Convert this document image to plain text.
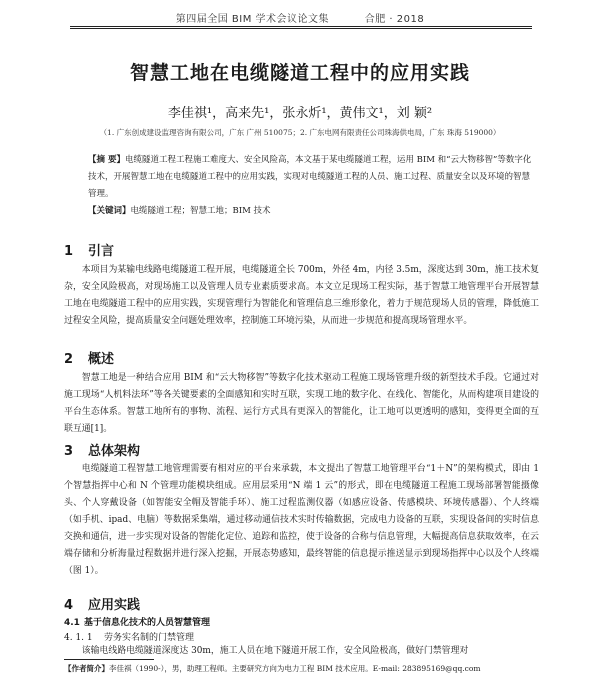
第四届全国 BIM 学术会议论文集	合肥 · 2018
智慧工地在电缆隧道工程中的应用实践
李佳祺¹，高来先¹，张永炘¹，黄伟文¹，刘 颖²
（1. 广东创成建设监理咨询有限公司，广东 广州 510075；2. 广东电网有限责任公司珠海供电局，广东 珠海 519000）
【摘 要】电缆隧道工程工程施工难度大、安全风险高，本文基于某电缆隧道工程，运用 BIM 和“云大物移智”等数字化技术，开展智慧工地在电缆隧道工程中的应用实践，实现对电缆隧道工程的人员、施工过程、质量安全以及环境的智慧管理。
【关键词】电缆隧道工程；智慧工地；BIM 技术
1 引言
本项目为某输电线路电缆隧道工程开展，电缆隧道全长 700m，外径 4m，内径 3.5m，深度达到 30m，施工技术复杂，安全风险极高，对现场施工以及管理人员专业素质要求高。本文立足现场工程实际，基于智慧工地管理平台开展智慧工地在电缆隧道工程中的应用实践，实现管理行为智能化和管理信息三维形象化，着力于规范现场人员的管理，降低施工过程安全风险，提高质量安全问题处理效率，控制施工环境污染，从而进一步规范和提高现场管理水平。
2 概述
智慧工地是一种结合应用 BIM 和“云大物移智”等数字化技术驱动工程施工现场管理升级的新型技术手段。它通过对施工现场“人机料法环”等各关键要素的全面感知和实时互联，实现工地的数字化、在线化、智能化，从而构建项目建设的平台生态体系。智慧工地所有的事物、流程、运行方式具有更深入的智能化，让工地可以更透明的感知，变得更全面的互联互通[1]。
3 总体架构
电缆隧道工程智慧工地管理需要有相对应的平台来承载，本文提出了智慧工地管理平台“1＋N”的架构模式，即由 1 个智慧指挥中心和 N 个管理功能模块组成。应用层采用“N 端 1 云”的形式，即在电缆隧道工程施工现场部署智能摄像头、个人穿戴设备（如智能安全帽及智能手环）、施工过程监测仪器（如感应设备、传感模块、环境传感器）、个人终端（如手机、ipad、电脑）等数据采集端，通过移动通信技术实时传输数据，完成电力设备的互联，实现设备间的实时信息交换和通信，进一步实现对设备的智能化定位、追踪和监控，使于设备的合称与信息管理，大幅提高信息获取效率，在云端存储和分析海量过程数据并进行深入挖掘，开展态势感知，最终智能的信息提示推送显示到现场指挥中心以及个人终端（图 1）。
4 应用实践
4.1 基于信息化技术的人员智慧管理
4. 1. 1 劳务实名制的门禁管理
该输电线路电缆隧道深度达 30m，施工人员在地下隧道开展工作，安全风险极高，做好门禁管理对
【作者简介】李佳祺（1990-），男，助理工程师。主要研究方向为电力工程 BIM 技术应用。E-mail: 283895169@qq.com
